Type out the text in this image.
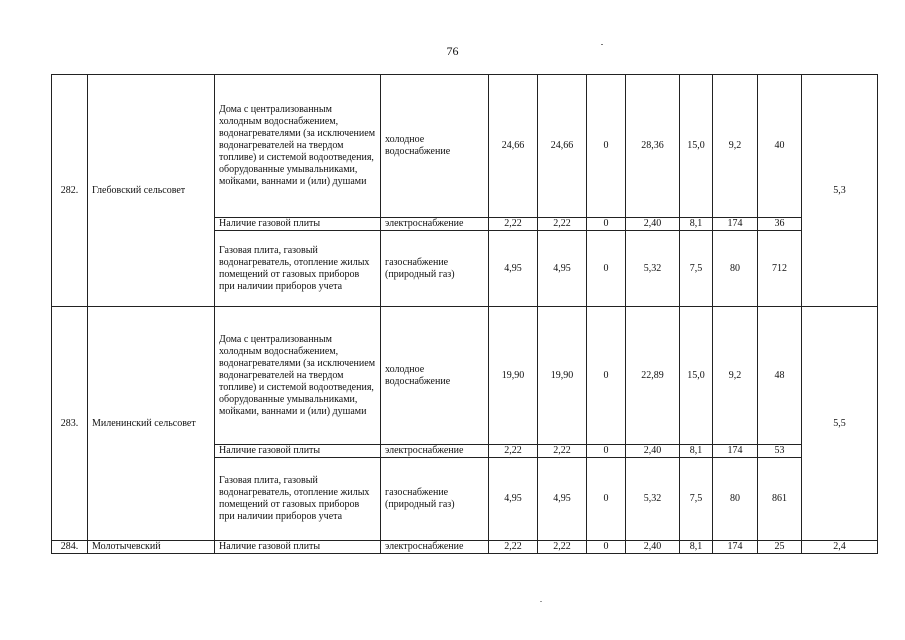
76
282.	Глебовский сельсовет	Дома с централизованным холодным водоснабжением, водонагревателями (за исключением водонагревателей на твердом топливе) и системой водоотведения, оборудованные умывальниками, мойками, ваннами и (или) душами	холодное водоснабжение	24,66	24,66	0	28,36	15,0	9,2	40	5,3
		Наличие газовой плиты	электроснабжение	2,22	2,22	0	2,40	8,1	174	36	
		Газовая плита, газовый водонагреватель, отопление жилых помещений от газовых приборов при наличии приборов учета	газоснабжение (природный газ)	4,95	4,95	0	5,32	7,5	80	712	
283.	Миленинский сельсовет	Дома с централизованным холодным водоснабжением, водонагревателями (за исключением водонагревателей на твердом топливе) и системой водоотведения, оборудованные умывальниками, мойками, ваннами и (или) душами	холодное водоснабжение	19,90	19,90	0	22,89	15,0	9,2	48	5,5
		Наличие газовой плиты	электроснабжение	2,22	2,22	0	2,40	8,1	174	53	
		Газовая плита, газовый водонагреватель, отопление жилых помещений от газовых приборов при наличии приборов учета	газоснабжение (природный газ)	4,95	4,95	0	5,32	7,5	80	861	
284.	Молотычевский	Наличие газовой плиты	электроснабжение	2,22	2,22	0	2,40	8,1	174	25	2,4
